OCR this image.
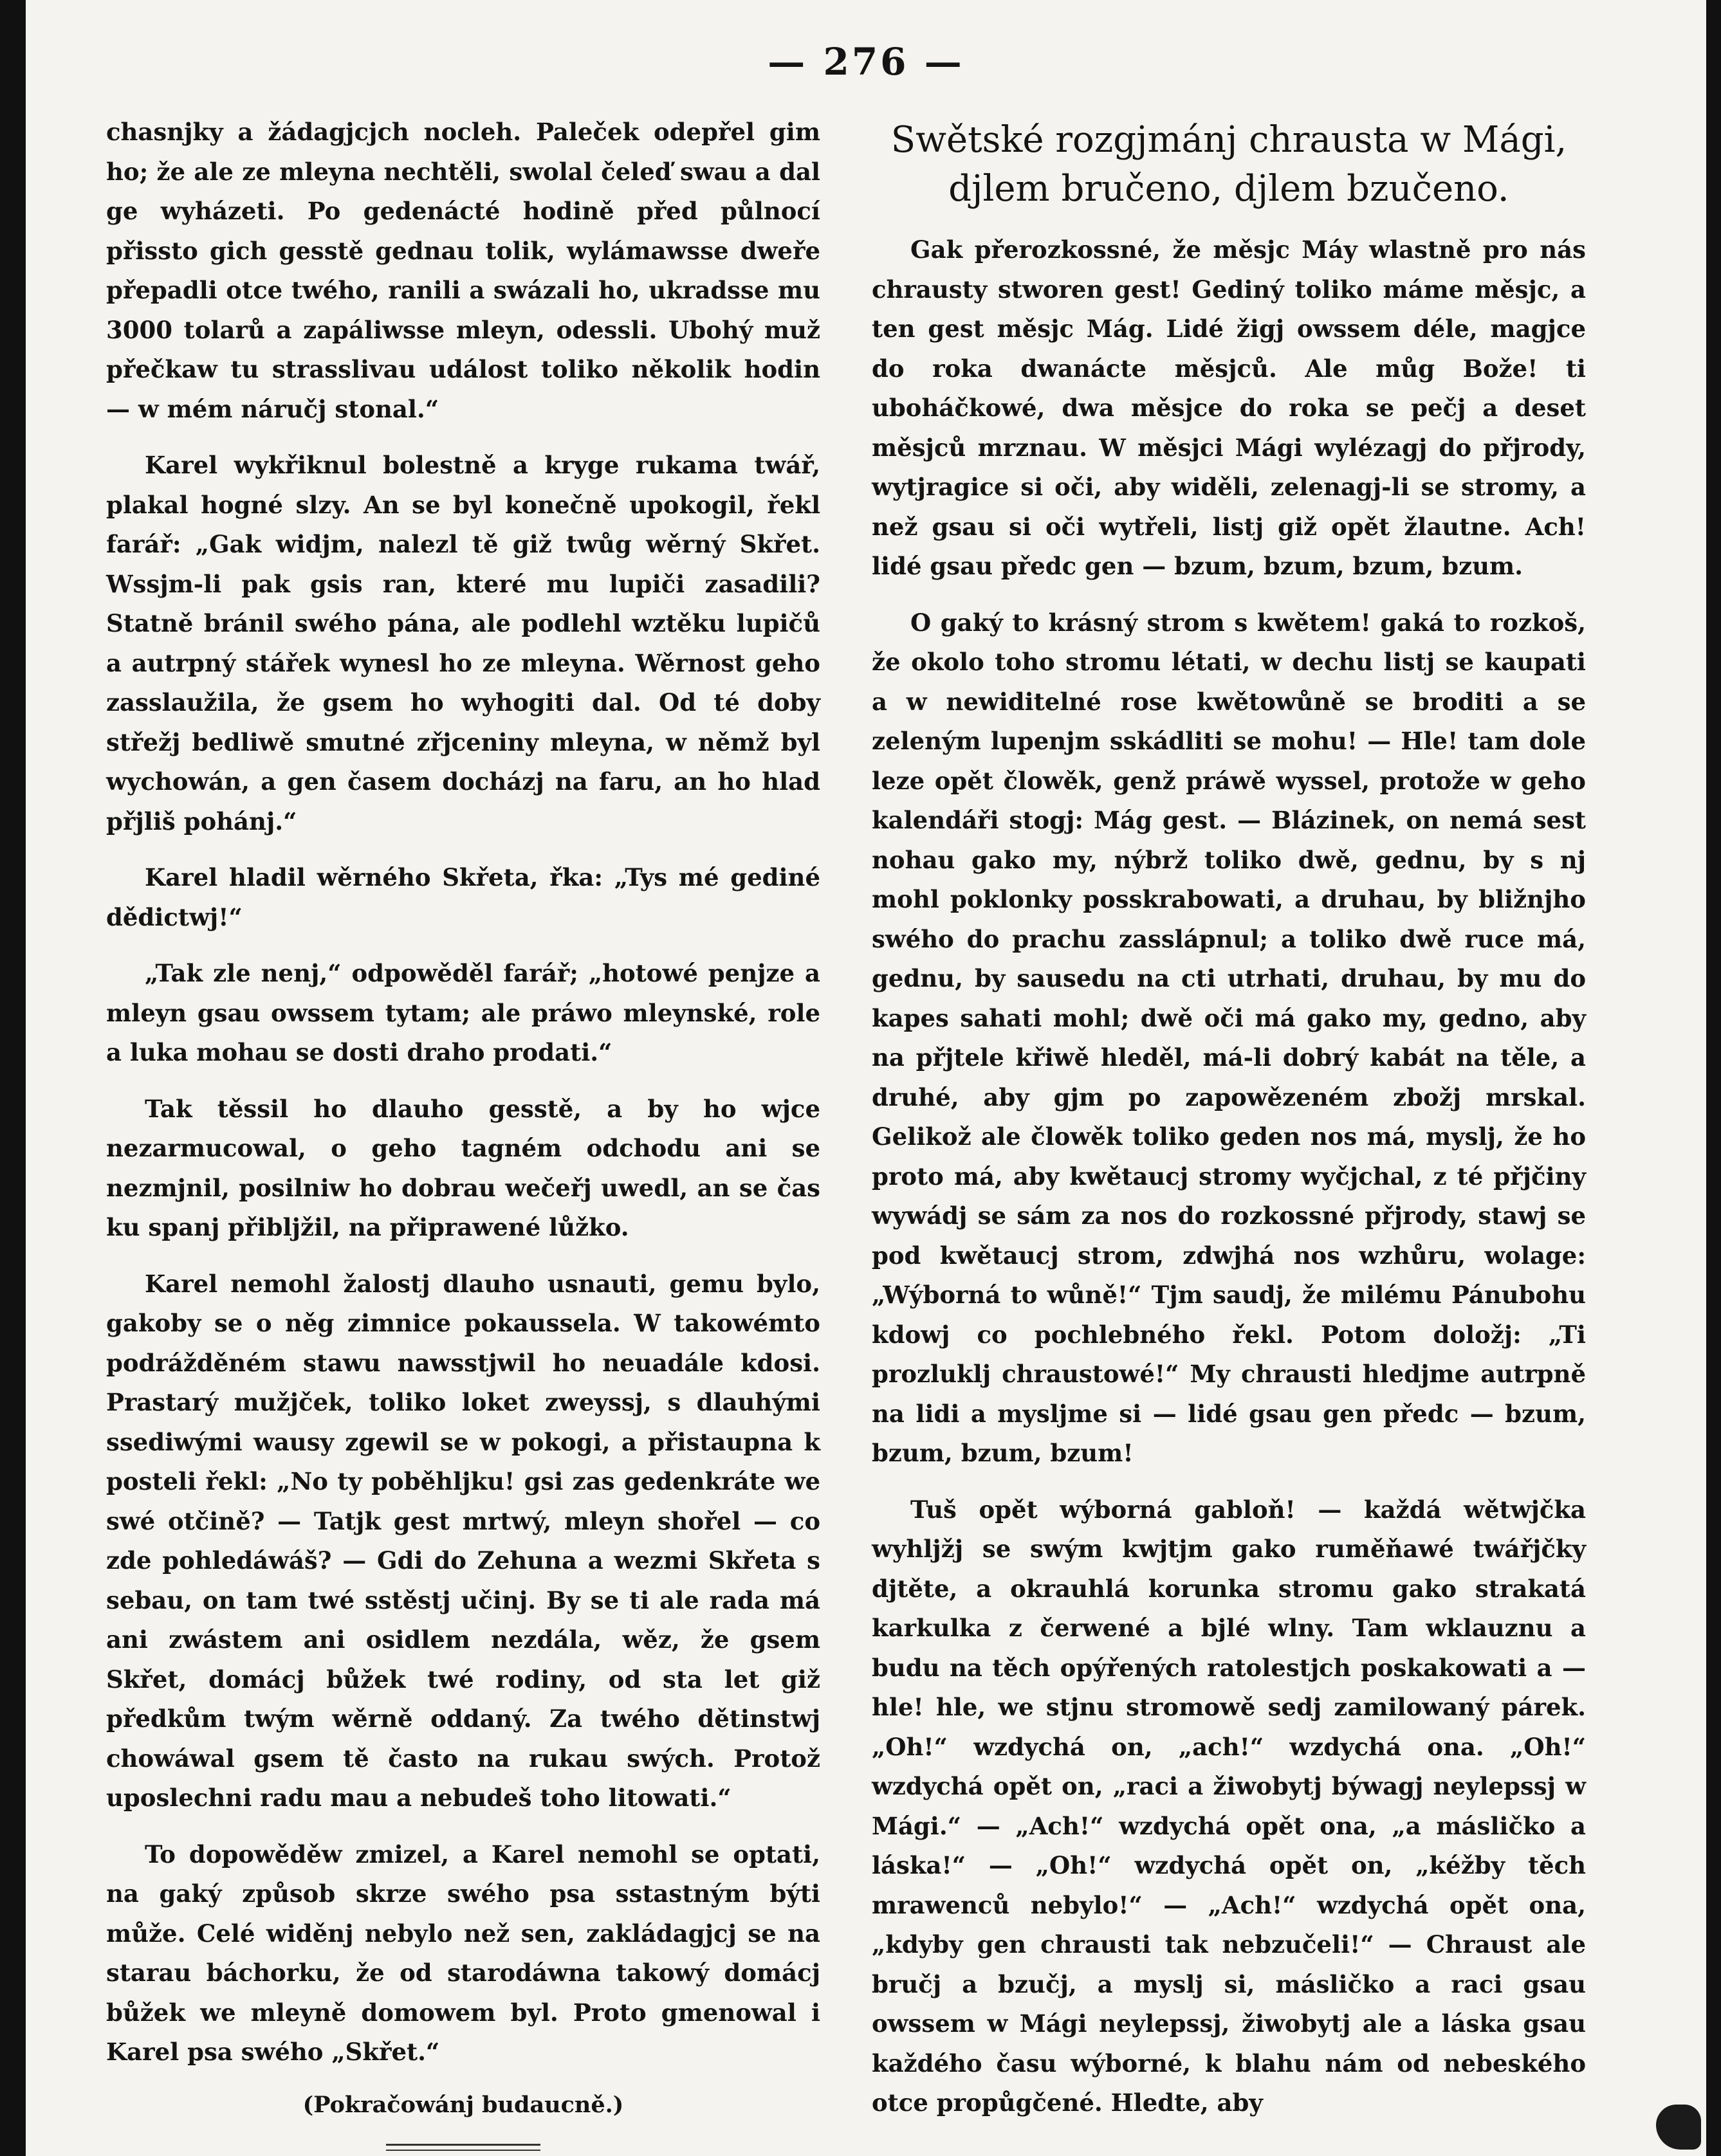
— 276 —

chasnjky a žádagjcjch nocleh. Paleček odepřel gim ho; že ale ze mleyna nechtěli, swolal čeleď swau a dal ge wyházeti. Po gedenácté hodině před půlnocí přissto gich gesstě gednau tolik, wylámawsse dweře přepadli otce twého, ranili a swázali ho, ukradsse mu 3000 tolarů a zapáliwsse mleyn, odessli. Ubohý muž přečkaw tu strasslivau událost toliko několik hodin — w mém náručj stonal.“

Karel wykřiknul bolestně a kryge rukama twář, plakal hogné slzy. An se byl konečně upokogil, řekl farář: „Gak widjm, nalezl tě giž twůg wěrný Skřet. Wssjm-li pak gsis ran, které mu lupiči zasadili? Statně bránil swého pána, ale podlehl wztěku lupičů a autrpný stářek wynesl ho ze mleyna. Wěrnost geho zasslaužila, že gsem ho wyhogiti dal. Od té doby střežj bedliwě smutné zřjceniny mleyna, w němž byl wychowán, a gen časem docházj na faru, an ho hlad přjliš pohánj.“

Karel hladil wěrného Skřeta, řka: „Tys mé gediné dědictwj!“

„Tak zle nenj,“ odpowěděl farář; „hotowé penjze a mleyn gsau owssem tytam; ale práwo mleynské, role a luka mohau se dosti draho prodati.“

Tak těssil ho dlauho gesstě, a by ho wjce nezarmucowal, o geho tagném odchodu ani se nezmjnil, posilniw ho dobrau wečeřj uwedl, an se čas ku spanj přiblјžil, na připrawené lůžko.

Karel nemohl žalostj dlauho usnauti, gemu bylo, gakoby se o něg zimnice pokaussela. W takowémto podrážděném stawu nawsstjwil ho neuadále kdosi. Prastarý mužjček, toliko loket zweyssj, s dlauhými ssediwými wausy zgewil se w pokogi, a přistaupna k posteli řekl: „No ty poběhljku! gsi zas gedenkráte we swé otčině? — Tatjk gest mrtwý, mleyn shořel — co zde pohledáwáš? — Gdi do Zehuna a wezmi Skřeta s sebau, on tam twé sstěstj učinj. By se ti ale rada má ani zwástem ani osidlem nezdála, wěz, že gsem Skřet, domácj bůžek twé rodiny, od sta let giž předkům twým wěrně oddaný. Za twého dětinstwj chowáwal gsem tě často na rukau swých. Protož uposlechni radu mau a nebudeš toho litowati.“

To dopowěděw zmizel, a Karel nemohl se optati, na gaký způsob skrze swého psa sstastným býti může. Celé widěnj nebylo než sen, zakládagjcj se na starau báchorku, že od starodáwna takowý domácj bůžek we mleyně domowem byl. Proto gmenowal i Karel psa swého „Skřet.“

(Pokračowánj budaucně.)
Swětské rozgjmánj chrausta w Mági, djlem bručeno, djlem bzučeno.

Gak přerozkossné, že měsjc Máy wlastně pro nás chrausty stworen gest! Gediný toliko máme měsjc, a ten gest měsjc Mág. Lidé žigj owssem déle, magjce do roka dwanácte měsjců. Ale můg Bože! ti uboháčkowé, dwa měsjce do roka se pečj a deset měsjců mrznau. W měsjci Mági wylézagj do přjrody, wytjragice si oči, aby widěli, zelenagj-li se stromy, a než gsau si oči wytřeli, listj giž opět žlautne. Ach! lidé gsau předc gen — bzum, bzum, bzum, bzum.

O gaký to krásný strom s kwětem! gaká to rozkoš, že okolo toho stromu létati, w dechu listj se kaupati a w newiditelné rose kwětowůně se broditi a se zeleným lupenjm sskádliti se mohu! — Hle! tam dole leze opět člowěk, genž práwě wyssel, protože w geho kalendáři stogj: Mág gest. — Blázinek, on nemá sest nohau gako my, nýbrž toliko dwě, gednu, by s nj mohl poklonky posskrabowati, a druhau, by bližnjho swého do prachu zasslápnul; a toliko dwě ruce má, gednu, by sausedu na cti utrhati, druhau, by mu do kapes sahati mohl; dwě oči má gako my, gedno, aby na přjtele křiwě hleděl, má-li dobrý kabát na těle, a druhé, aby gjm po zapowězeném zbožj mrskal. Gelikož ale člowěk toliko geden nos má, myslj, že ho proto má, aby kwětaucj stromy wyčjchal, z té přjčiny wywádj se sám za nos do rozkossné přjrody, stawj se pod kwětaucj strom, zdwjhá nos wzhůru, wolage: „Wýborná to wůně!“ Tjm saudj, že milému Pánubohu kdowj co pochlebného řekl. Potom doložj: „Ti prozluklj chraustowé!“ My chrausti hledjme autrpně na lidi a myslјme si — lidé gsau gen předc — bzum, bzum, bzum, bzum!

Tuš opět wýborná gabloň! — každá wětwjčka wyhljžj se swým kwjtjm gako ruměňawé twářjčky djtěte, a okrauhlá korunka stromu gako strakatá karkulka z čerwené a bjlé wlny. Tam wklauznu a budu na těch opýřených ratolestjch poskakowati a — hle! hle, we stjnu stromowě sedj zamilowaný párek. „Oh!“ wzdychá on, „ach!“ wzdychá ona. „Oh!“ wzdychá opět on, „raci a žiwobytj býwagj neylepssj w Mági.“ — „Ach!“ wzdychá opět ona, „a másličko a láska!“ — „Oh!“ wzdychá opět on, „kéžby těch mrawenců nebylo!“ — „Ach!“ wzdychá opět ona, „kdyby gen chrausti tak nebzučeli!“ — Chraust ale bručj a bzučj, a myslj si, másličko a raci gsau owssem w Mági neylepssj, žiwobytj ale a láska gsau každého času wýborné, k blahu nám od nebeského otce propůgčené. Hledte, aby
